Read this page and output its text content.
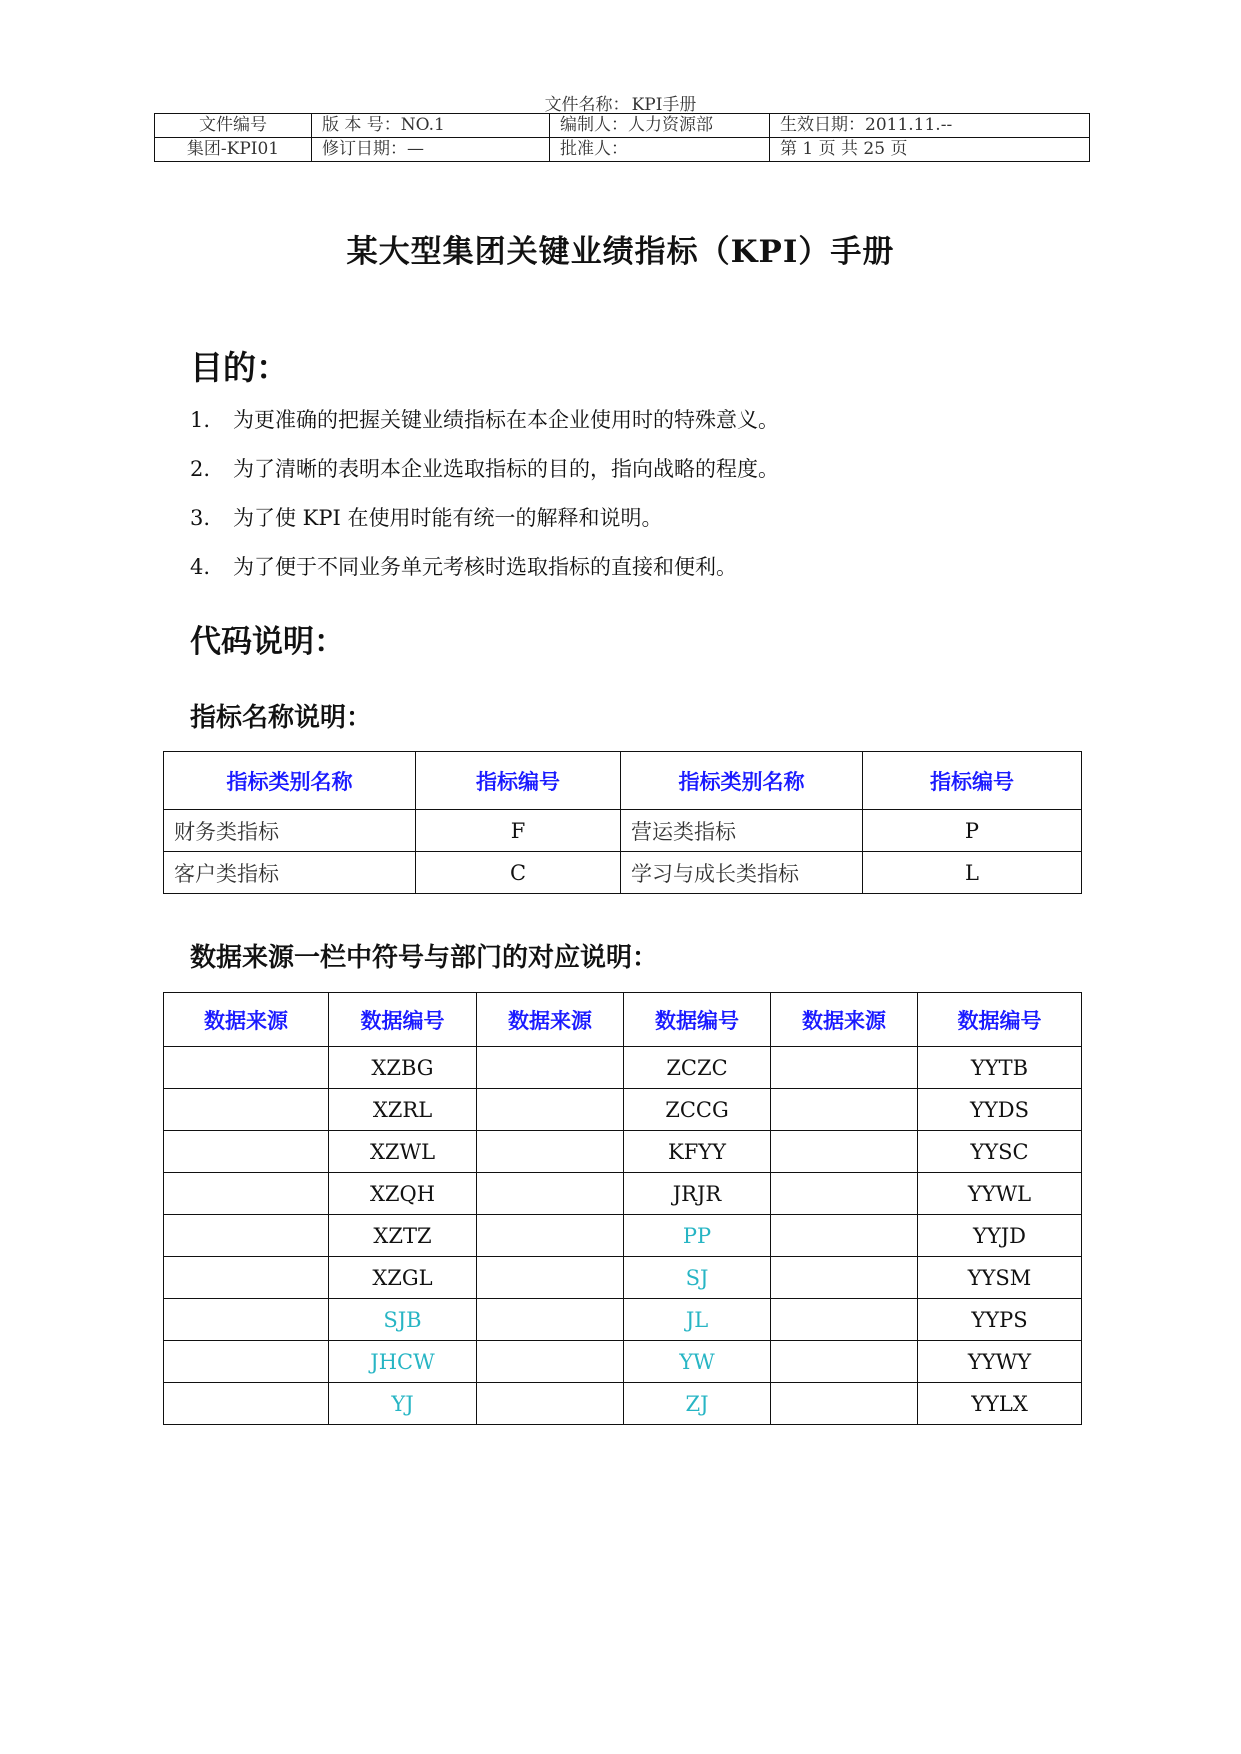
文件名称： KPI手册
文件编号	版 本 号：NO.1	编制人：人力资源部	生效日期：2011.11.--
集团-KPI01	修订日期：—	批准人：	第 1 页 共 25 页
某大型集团关键业绩指标（KPI）手册
目的：
1. 为更准确的把握关键业绩指标在本企业使用时的特殊意义。
2. 为了清晰的表明本企业选取指标的目的，指向战略的程度。
3. 为了使 KPI 在使用时能有统一的解释和说明。
4. 为了便于不同业务单元考核时选取指标的直接和便利。
代码说明：
指标名称说明：
指标类别名称	指标编号	指标类别名称	指标编号
财务类指标	F	营运类指标	P
客户类指标	C	学习与成长类指标	L
数据来源一栏中符号与部门的对应说明：
数据来源	数据编号	数据来源	数据编号	数据来源	数据编号
	XZBG		ZCZC		YYTB
	XZRL		ZCCG		YYDS
	XZWL		KFYY		YYSC
	XZQH		JRJR		YYWL
	XZTZ		PP		YYJD
	XZGL		SJ		YYSM
	SJB		JL		YYPS
	JHCW		YW		YYWY
	YJ		ZJ		YYLX
